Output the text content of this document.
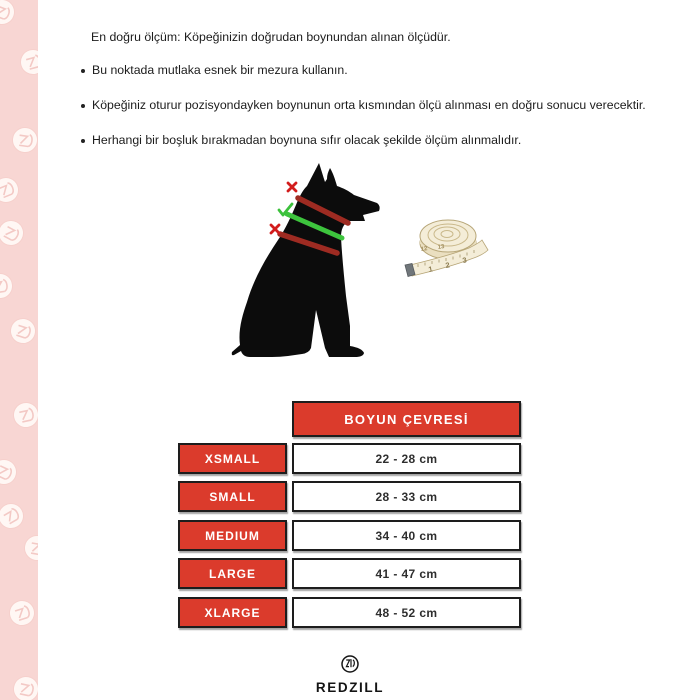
En doğru ölçüm: Köpeğinizin doğrudan boynundan alınan ölçüdür.
Bu noktada mutlaka esnek bir mezura kullanın.
Köpeğiniz oturur pozisyondayken boynunun orta kısmından ölçü alınması en doğru sonucu verecektir.
Herhangi bir boşluk bırakmadan boynuna sıfır olacak şekilde ölçüm alınmalıdır.
12 13
1 2
3
BOYUN ÇEVRESİ
XSMALL	22 - 28 cm
SMALL	28 - 33 cm
MEDIUM	34 - 40 cm
LARGE	41 - 47 cm
XLARGE	48 - 52 cm
REDZILL
